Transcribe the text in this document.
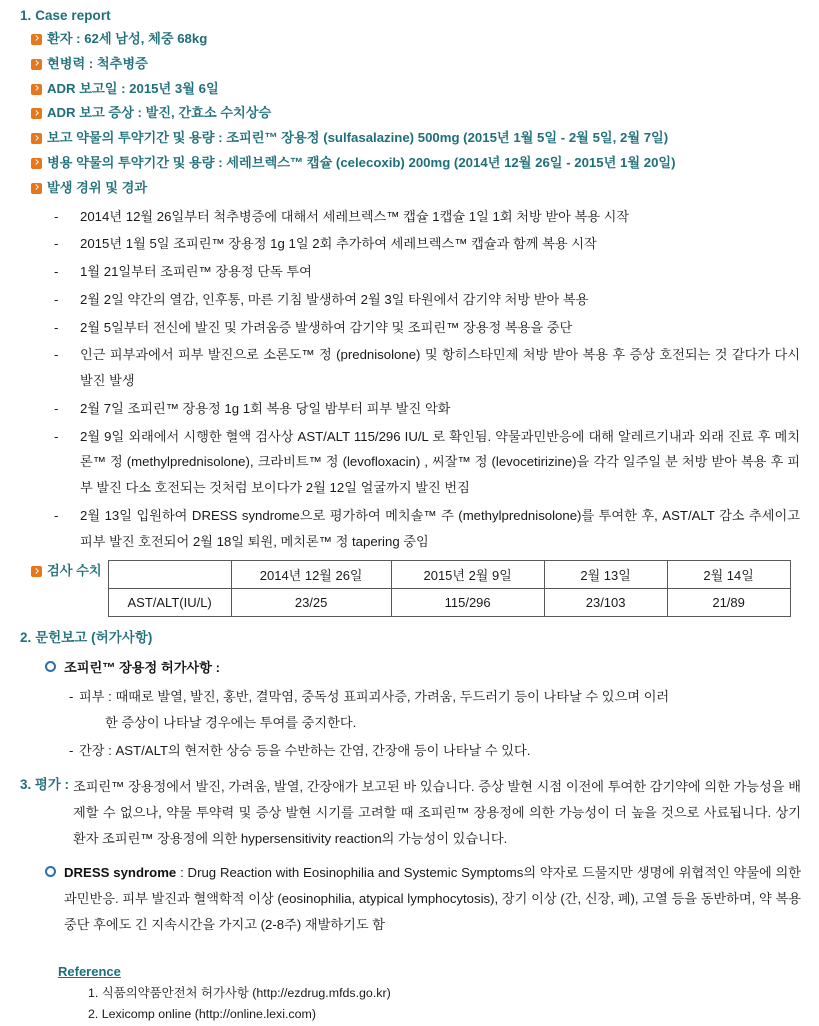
1. Case report
환자 : 62세 남성, 체중 68kg
현병력 : 척추병증
ADR 보고일 : 2015년 3월 6일
ADR 보고 증상 : 발진, 간효소 수치상승
보고 약물의 투약기간 및 용량 : 조피린™ 장용정 (sulfasalazine) 500mg (2015년 1월 5일 - 2월 5일, 2월 7일)
병용 약물의 투약기간 및 용량 : 세레브렉스™ 캡슐 (celecoxib) 200mg (2014년 12월 26일 - 2015년 1월 20일)
발생 경위 및 경과
-	2014년 12월 26일부터 척추병증에 대해서 세레브렉스™ 캡슐 1캡슐 1일 1회 처방 받아 복용 시작
-	2015년 1월 5일 조피린™ 장용정 1g 1일 2회 추가하여 세레브렉스™ 캡슐과 함께 복용 시작
-	1월 21일부터 조피린™ 장용정 단독 투여
-	2월 2일 약간의 열감, 인후통, 마른 기침 발생하여 2월 3일 타원에서 감기약 처방 받아 복용
-	2월 5일부터 전신에 발진 및 가려움증 발생하여 감기약 및 조피린™ 장용정 복용을 중단
-	인근 피부과에서 피부 발진으로 소론도™ 정 (prednisolone) 및 항히스타민제 처방 받아 복용 후 증상 호전되는 것 같다가 다시 발진 발생
-	2월 7일 조피린™ 장용정 1g 1회 복용 당일 밤부터 피부 발진 악화
-	2월 9일 외래에서 시행한 혈액 검사상 AST/ALT 115/296 IU/L 로 확인됨. 약물과민반응에 대해 알레르기내과 외래 진료 후 메치론™ 정 (methylprednisolone), 크라비트™ 정 (levofloxacin) , 씨잘™ 정 (levocetirizine)을 각각 일주일 분 처방 받아 복용 후 피부 발진 다소 호전되는 것처럼 보이다가 2월 12일 얼굴까지 발진 번짐
-	2월 13일 입원하여 DRESS syndrome으로 평가하여 메치솔™ 주 (methylprednisolone)를 투여한 후, AST/ALT 감소 추세이고 피부 발진 호전되어 2월 18일 퇴원, 메치론™ 정 tapering 중임
검사 수치
		2014년 12월 26일	2015년 2월 9일	2월 13일	2월 14일
AST/ALT(IU/L)	23/25	115/296	23/103	21/89
2. 문헌보고 (허가사항)
조피린™ 장용정 허가사항 :
- 피부 : 때때로 발열, 발진, 홍반, 결막염, 중독성 표피괴사증, 가려움, 두드러기 등이 나타날 수 있으며 이러
한 증상이 나타날 경우에는 투여를 중지한다.
- 간장 : AST/ALT의 현저한 상승 등을 수반하는 간염, 간장애 등이 나타날 수 있다.
3. 평가 : 조피린™ 장용정에서 발진, 가려움, 발열, 간장애가 보고된 바 있습니다. 증상 발현 시점 이전에 투여한 감기약에 의한 가능성을 배제할 수 없으나, 약물 투약력 및 증상 발현 시기를 고려할 때 조피린™ 장용정에 의한 가능성이 더 높을 것으로 사료됩니다. 상기 환자 조피린™ 장용정에 의한 hypersensitivity reaction의 가능성이 있습니다.
DRESS syndrome : Drug Reaction with Eosinophilia and Systemic Symptoms의 약자로 드물지만 생명에 위협적인 약물에 의한 과민반응. 피부 발진과 혈액학적 이상 (eosinophilia, atypical lymphocytosis), 장기 이상 (간, 신장, 폐), 고열 등을 동반하며, 약 복용 중단 후에도 긴 지속시간을 가지고 (2-8주) 재발하기도 함
Reference
1. 식품의약품안전처 허가사항 (http://ezdrug.mfds.go.kr)
2. Lexicomp online (http://online.lexi.com)
